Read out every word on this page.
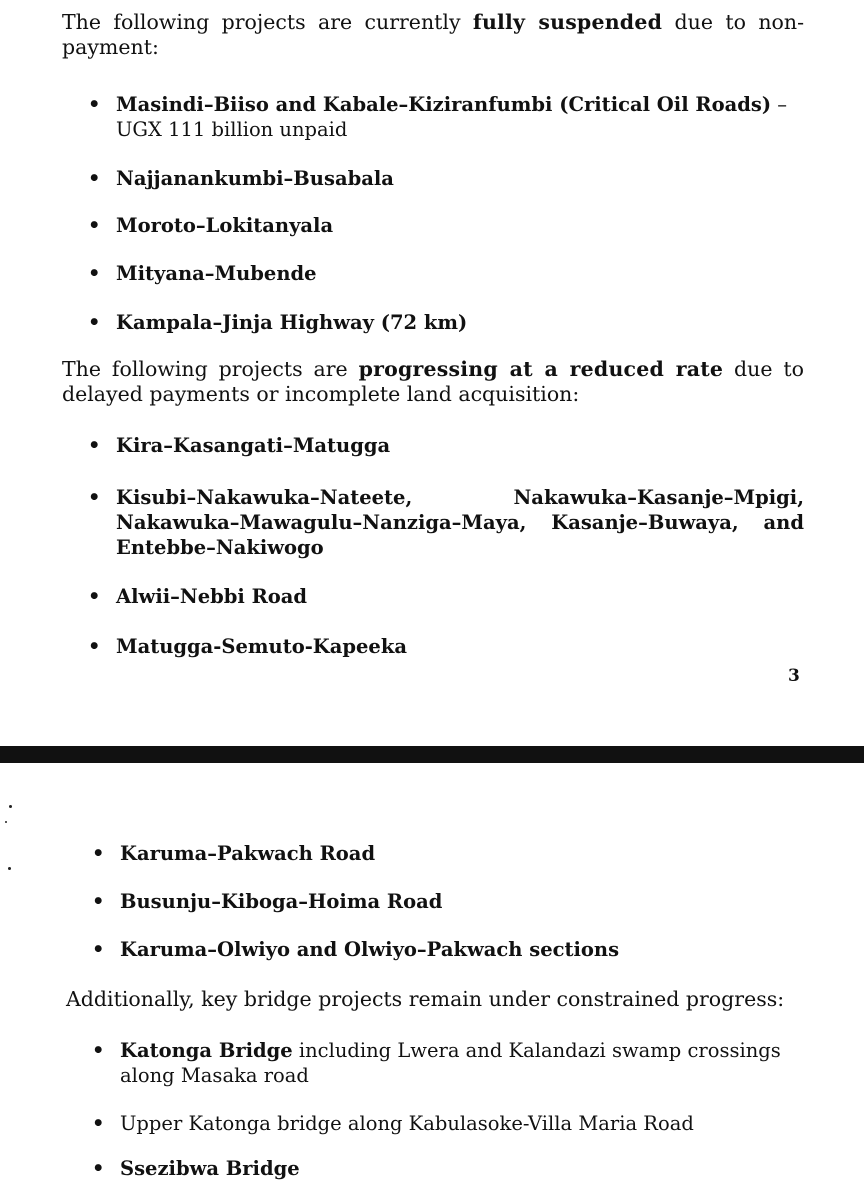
The following projects are currently fully suspended due to non-payment:
• Masindi–Biiso and Kabale–Kiziranfumbi (Critical Oil Roads) – UGX 111 billion unpaid
• Najjanankumbi–Busabala
• Moroto–Lokitanyala
• Mityana–Mubende
• Kampala–Jinja Highway (72 km)
The following projects are progressing at a reduced rate due to delayed payments or incomplete land acquisition:
• Kira–Kasangati–Matugga
• Kisubi–Nakawuka–Nateete,	Nakawuka–Kasanje–Mpigi,
Nakawuka–Mawagulu–Nanziga–Maya, Kasanje–Buwaya, and
Entebbe–Nakiwogo
• Alwii–Nebbi Road
• Matugga-Semuto-Kapeeka
3
• Karuma–Pakwach Road
• Busunju–Kiboga–Hoima Road
• Karuma–Olwiyo and Olwiyo–Pakwach sections
Additionally, key bridge projects remain under constrained progress:
• Katonga Bridge including Lwera and Kalandazi swamp crossings along Masaka road
• Upper Katonga bridge along Kabulasoke-Villa Maria Road
• Ssezibwa Bridge
